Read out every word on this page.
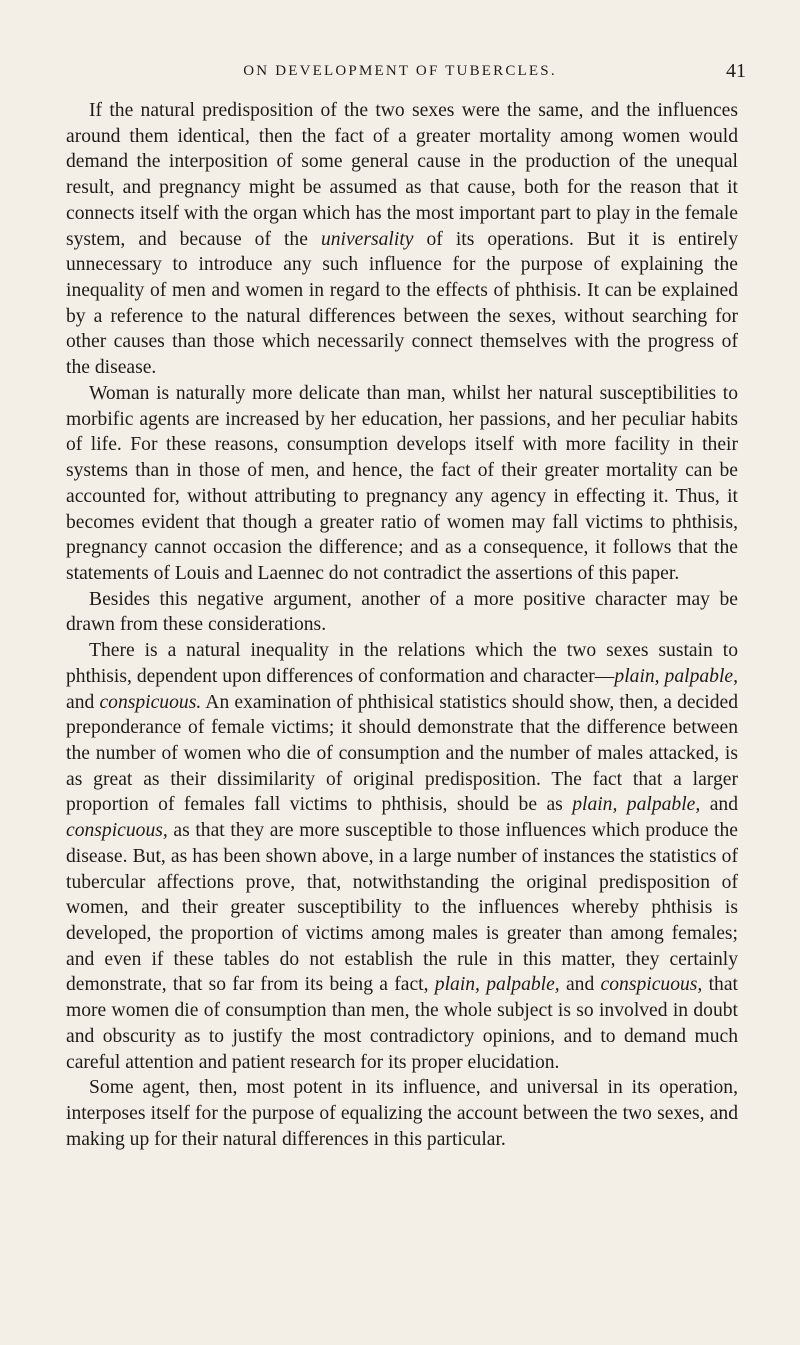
ON DEVELOPMENT OF TUBERCLES.	41

If the natural predisposition of the two sexes were the same, and the influences around them identical, then the fact of a greater mortality among women would demand the interposition of some general cause in the production of the unequal result, and pregnancy might be assumed as that cause, both for the reason that it connects itself with the organ which has the most important part to play in the female system, and because of the universality of its operations. But it is entirely unnecessary to introduce any such influence for the purpose of explaining the inequality of men and women in regard to the effects of phthisis. It can be explained by a reference to the natural differences between the sexes, without searching for other causes than those which necessarily connect themselves with the progress of the disease.

Woman is naturally more delicate than man, whilst her natural susceptibilities to morbific agents are increased by her education, her passions, and her peculiar habits of life. For these reasons, consumption develops itself with more facility in their systems than in those of men, and hence, the fact of their greater mortality can be accounted for, without attributing to pregnancy any agency in effecting it. Thus, it becomes evident that though a greater ratio of women may fall victims to phthisis, pregnancy cannot occasion the difference; and as a consequence, it follows that the statements of Louis and Laennec do not contradict the assertions of this paper.

Besides this negative argument, another of a more positive character may be drawn from these considerations.

There is a natural inequality in the relations which the two sexes sustain to phthisis, dependent upon differences of conformation and character—plain, palpable, and conspicuous. An examination of phthisical statistics should show, then, a decided preponderance of female victims; it should demonstrate that the difference between the number of women who die of consumption and the number of males attacked, is as great as their dissimilarity of original predisposition. The fact that a larger proportion of females fall victims to phthisis, should be as plain, palpable, and conspicuous, as that they are more susceptible to those influences which produce the disease. But, as has been shown above, in a large number of instances the statistics of tubercular affections prove, that, notwithstanding the original predisposition of women, and their greater susceptibility to the influences whereby phthisis is developed, the proportion of victims among males is greater than among females; and even if these tables do not establish the rule in this matter, they certainly demonstrate, that so far from its being a fact, plain, palpable, and conspicuous, that more women die of consumption than men, the whole subject is so involved in doubt and obscurity as to justify the most contradictory opinions, and to demand much careful attention and patient research for its proper elucidation.

Some agent, then, most potent in its influence, and universal in its operation, interposes itself for the purpose of equalizing the account between the two sexes, and making up for their natural differences in this particular.
